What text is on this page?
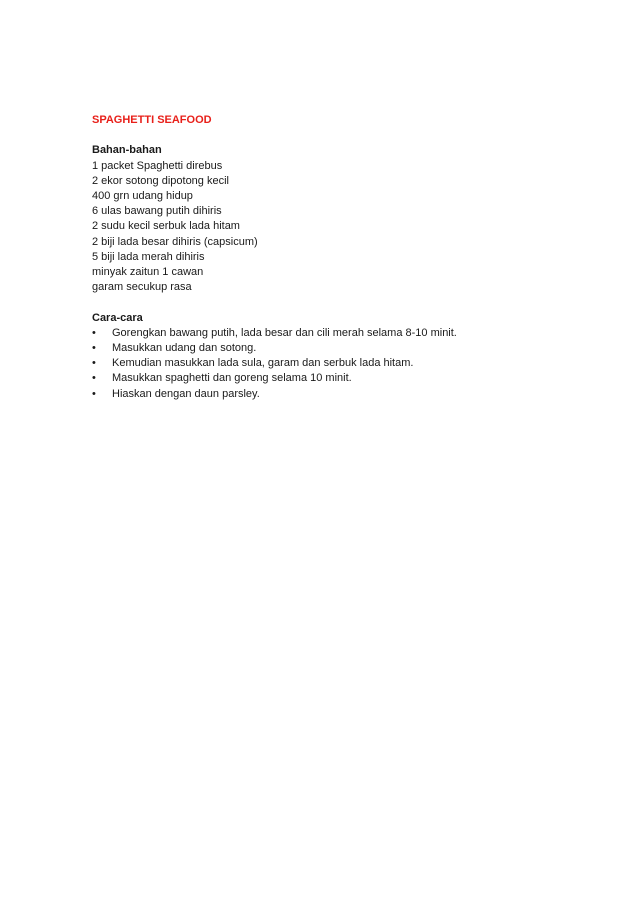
SPAGHETTI SEAFOOD

Bahan-bahan

1 packet Spaghetti direbus
2 ekor sotong dipotong kecil
400 grn udang hidup
6 ulas bawang putih dihiris
2 sudu kecil serbuk lada hitam
2 biji lada besar dihiris (capsicum)
5 biji lada merah dihiris
minyak zaitun 1 cawan
garam secukup rasa

Cara-cara

• Gorengkan bawang putih, lada besar dan cili merah selama 8-10 minit.
• Masukkan udang dan sotong.
• Kemudian masukkan lada sula, garam dan serbuk lada hitam.
• Masukkan spaghetti dan goreng selama 10 minit.
• Hiaskan dengan daun parsley.
